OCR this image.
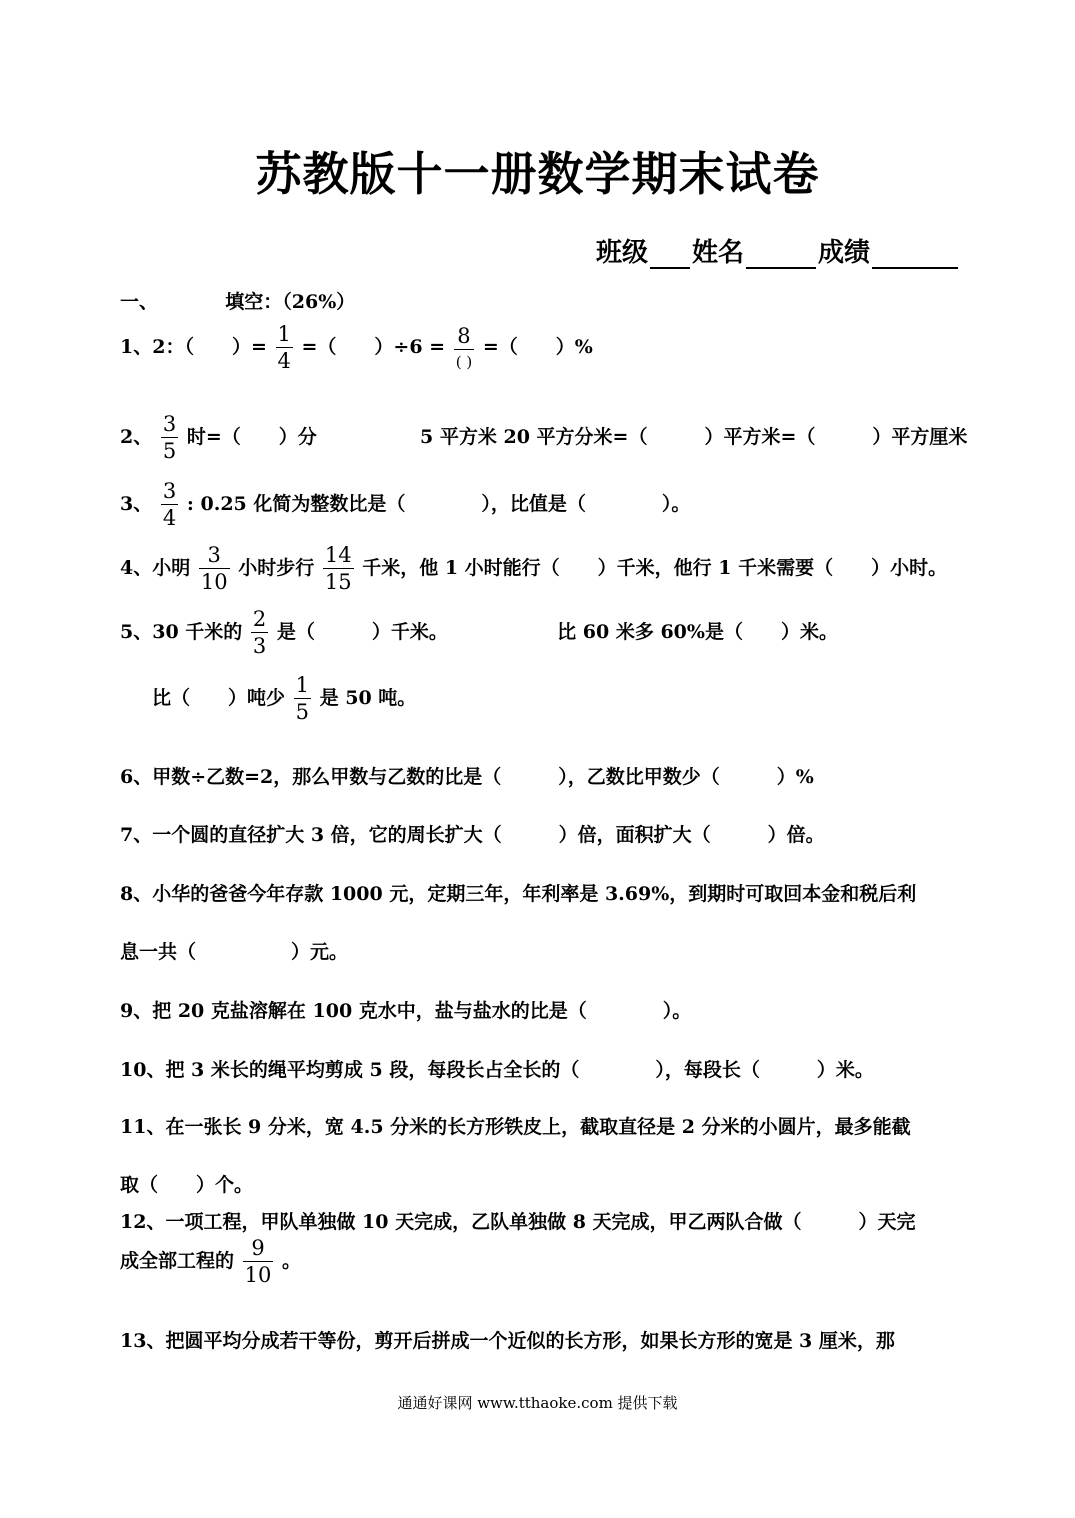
苏教版十一册数学期末试卷
班级 姓名	成绩
一、	填空：（26%）
1、2：（　　）= $\frac{1}{4}$ =（　　）$\div 6 = \frac{8}{( )}$ =（　　）%
2、 $\frac{3}{5}$ 时=（　　）分	5 平方米 20 平方分米=（　　　）平方米=（　　　）平方厘米
3、 $\frac{3}{4}$ : 0.25 化简为整数比是（　　　　），比值是（　　　　）。
4、小明 $\frac{3}{10}$ 小时步行 $\frac{14}{15}$ 千米，他 1 小时能行（　　）千米，他行 1 千米需要（　　）小时。
5、30 千米的 $\frac{2}{3}$ 是（　　　）千米。	比 60 米多 60%是（　　）米。
比（　　）吨少 $\frac{1}{5}$ 是 50 吨。
6、甲数÷乙数=2，那么甲数与乙数的比是（　　　），乙数比甲数少（　　　）%
7、一个圆的直径扩大 3 倍，它的周长扩大（　　　）倍，面积扩大（　　　）倍。
8、小华的爸爸今年存款 1000 元，定期三年，年利率是 3.69%，到期时可取回本金和税后利
息一共（　　　　　）元。
9、把 20 克盐溶解在 100 克水中，盐与盐水的比是（　　　　）。
10、把 3 米长的绳平均剪成 5 段，每段长占全长的（　　　　），每段长（　　　）米。
11、在一张长 9 分米，宽 4.5 分米的长方形铁皮上，截取直径是 2 分米的小圆片，最多能截
取（　　）个。
12、一项工程，甲队单独做 10 天完成，乙队单独做 8 天完成，甲乙两队合做（　　　）天完
成全部工程的 $\frac{9}{10}$ 。
13、把圆平均分成若干等份，剪开后拼成一个近似的长方形，如果长方形的宽是 3 厘米，那
通通好课网 www.tthaoke.com 提供下载
